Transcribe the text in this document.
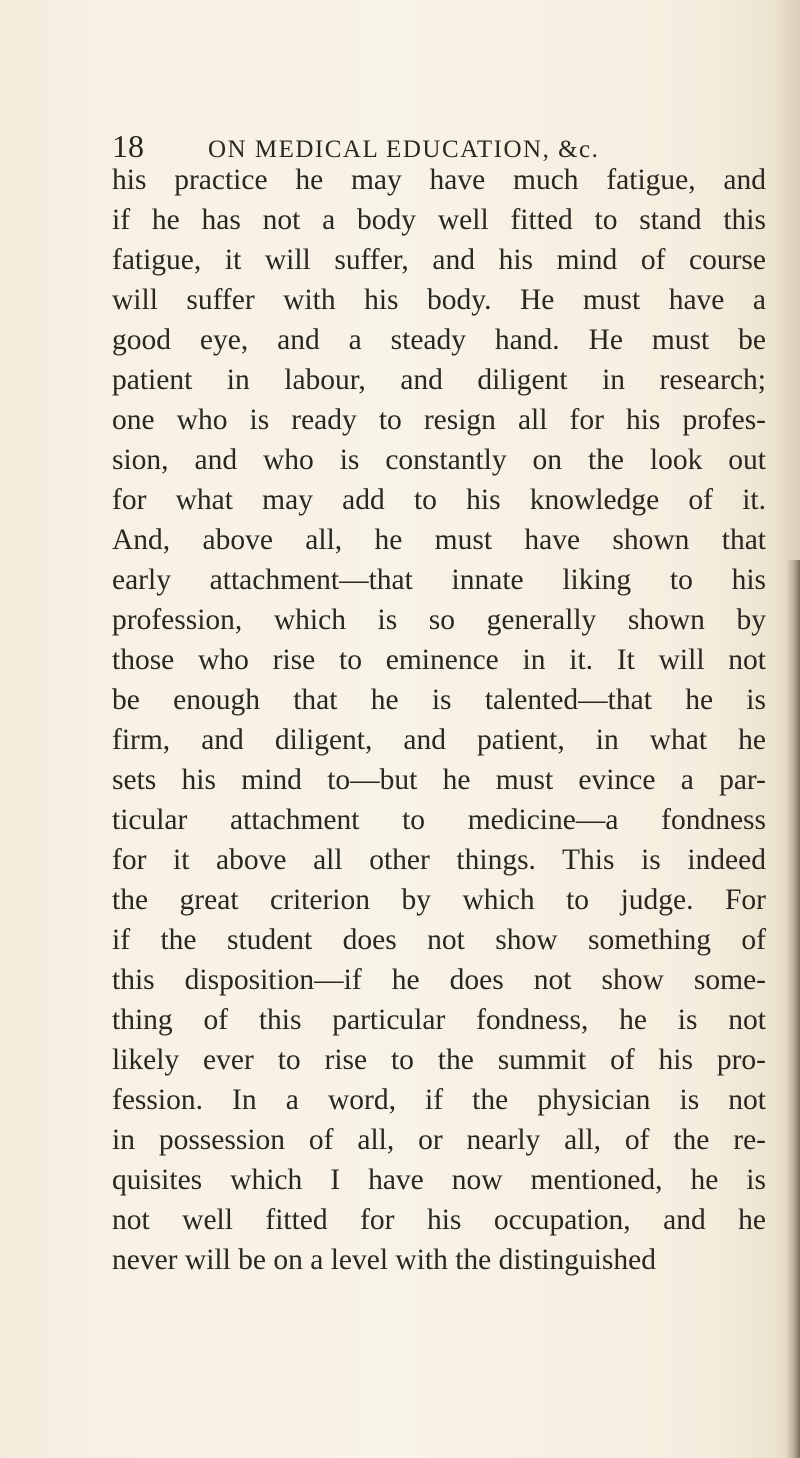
18	ON MEDICAL EDUCATION, &c.
his practice he may have much fatigue, and
if he has not a body well fitted to stand this
fatigue, it will suffer, and his mind of course
will suffer with his body. He must have a
good eye, and a steady hand. He must be
patient in labour, and diligent in research;
one who is ready to resign all for his profes-
sion, and who is constantly on the look out
for what may add to his knowledge of it.
And, above all, he must have shown that
early attachment—that innate liking to his
profession, which is so generally shown by
those who rise to eminence in it. It will not
be enough that he is talented—that he is
firm, and diligent, and patient, in what he
sets his mind to—but he must evince a par-
ticular attachment to medicine—a fondness
for it above all other things. This is indeed
the great criterion by which to judge. For
if the student does not show something of
this disposition—if he does not show some-
thing of this particular fondness, he is not
likely ever to rise to the summit of his pro-
fession. In a word, if the physician is not
in possession of all, or nearly all, of the re-
quisites which I have now mentioned, he is
not well fitted for his occupation, and he
never will be on a level with the distinguished
